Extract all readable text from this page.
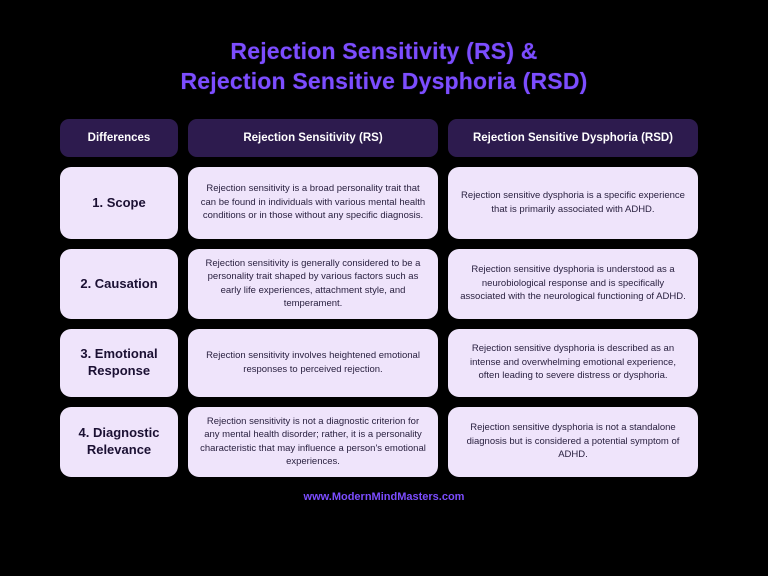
Rejection Sensitivity (RS) &
Rejection Sensitive Dysphoria (RSD)
Differences	Rejection Sensitivity (RS)	Rejection Sensitive Dysphoria (RSD)
1. Scope
Rejection sensitivity is a broad personality trait that can be found in individuals with various mental health conditions or in those without any specific diagnosis.
Rejection sensitive dysphoria is a specific experience that is primarily associated with ADHD.
2. Causation
Rejection sensitivity is generally considered to be a personality trait shaped by various factors such as early life experiences, attachment style, and temperament.
Rejection sensitive dysphoria is understood as a neurobiological response and is specifically associated with the neurological functioning of ADHD.
3. Emotional Response
Rejection sensitivity involves heightened emotional responses to perceived rejection.
Rejection sensitive dysphoria is described as an intense and overwhelming emotional experience, often leading to severe distress or dysphoria.
4. Diagnostic Relevance
Rejection sensitivity is not a diagnostic criterion for any mental health disorder; rather, it is a personality characteristic that may influence a person's emotional experiences.
Rejection sensitive dysphoria is not a standalone diagnosis but is considered a potential symptom of ADHD.
www.ModernMindMasters.com
